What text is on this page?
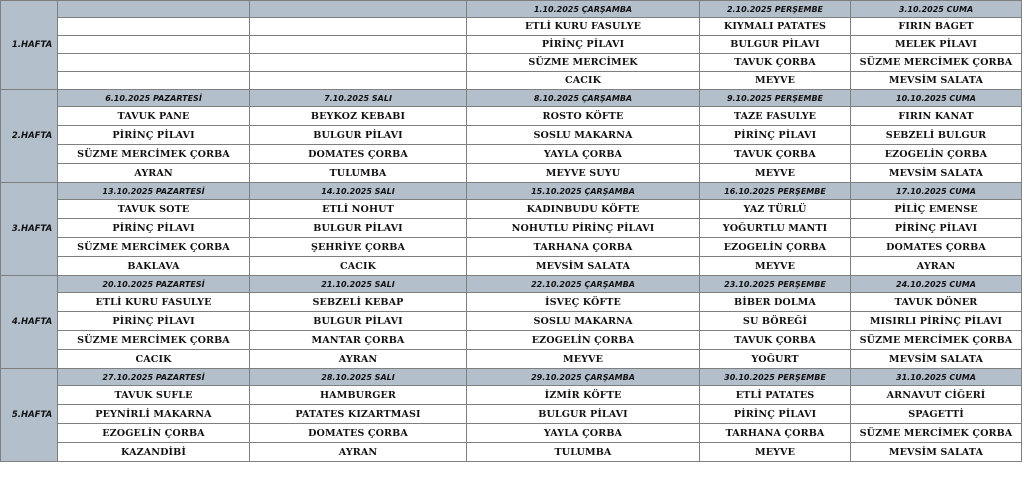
1.HAFTA			1.10.2025 ÇARŞAMBA	2.10.2025 PERŞEMBE	3.10.2025 CUMA
			ETLİ KURU FASULYE	KIYMALI PATATES	FIRIN BAGET
			PİRİNÇ PİLAVI	BULGUR PİLAVI	MELEK PİLAVI
			SÜZME MERCİMEK	TAVUK ÇORBA	SÜZME MERCİMEK ÇORBA
			CACIK	MEYVE	MEVSİM SALATA
2.HAFTA	6.10.2025 PAZARTESİ	7.10.2025 SALI	8.10.2025 ÇARŞAMBA	9.10.2025 PERŞEMBE	10.10.2025 CUMA
	TAVUK PANE	BEYKOZ KEBABI	ROSTO KÖFTE	TAZE FASULYE	FIRIN KANAT
	PİRİNÇ PİLAVI	BULGUR PİLAVI	SOSLU MAKARNA	PİRİNÇ PİLAVI	SEBZELİ BULGUR
	SÜZME MERCİMEK ÇORBA	DOMATES ÇORBA	YAYLA ÇORBA	TAVUK ÇORBA	EZOGELİN ÇORBA
	AYRAN	TULUMBA	MEYVE SUYU	MEYVE	MEVSİM SALATA
3.HAFTA	13.10.2025 PAZARTESİ	14.10.2025 SALI	15.10.2025 ÇARŞAMBA	16.10.2025 PERŞEMBE	17.10.2025 CUMA
	TAVUK SOTE	ETLİ NOHUT	KADINBUDU KÖFTE	YAZ TÜRLÜ	PİLİÇ EMENSE
	PİRİNÇ PİLAVI	BULGUR PİLAVI	NOHUTLU PİRİNÇ PİLAVI	YOĞURTLU MANTI	PİRİNÇ PİLAVI
	SÜZME MERCİMEK ÇORBA	ŞEHRİYE ÇORBA	TARHANA ÇORBA	EZOGELİN ÇORBA	DOMATES ÇORBA
	BAKLAVA	CACIK	MEVSİM SALATA	MEYVE	AYRAN
4.HAFTA	20.10.2025 PAZARTESİ	21.10.2025 SALI	22.10.2025 ÇARŞAMBA	23.10.2025 PERŞEMBE	24.10.2025 CUMA
	ETLİ KURU FASULYE	SEBZELİ KEBAP	İSVEÇ KÖFTE	BİBER DOLMA	TAVUK DÖNER
	PİRİNÇ PİLAVI	BULGUR PİLAVI	SOSLU MAKARNA	SU BÖREĞİ	MISIRLI PİRİNÇ PİLAVI
	SÜZME MERCİMEK ÇORBA	MANTAR ÇORBA	EZOGELİN ÇORBA	TAVUK ÇORBA	SÜZME MERCİMEK ÇORBA
	CACIK	AYRAN	MEYVE	YOĞURT	MEVSİM SALATA
5.HAFTA	27.10.2025 PAZARTESİ	28.10.2025 SALI	29.10.2025 ÇARŞAMBA	30.10.2025 PERŞEMBE	31.10.2025 CUMA
	TAVUK SUFLE	HAMBURGER	İZMİR KÖFTE	ETLİ PATATES	ARNAVUT CİĞERİ
	PEYNİRLİ MAKARNA	PATATES KIZARTMASI	BULGUR PİLAVI	PİRİNÇ PİLAVI	SPAGETTİ
	EZOGELİN ÇORBA	DOMATES ÇORBA	YAYLA ÇORBA	TARHANA ÇORBA	SÜZME MERCİMEK ÇORBA
	KAZANDİBİ	AYRAN	TULUMBA	MEYVE	MEVSİM SALATA
